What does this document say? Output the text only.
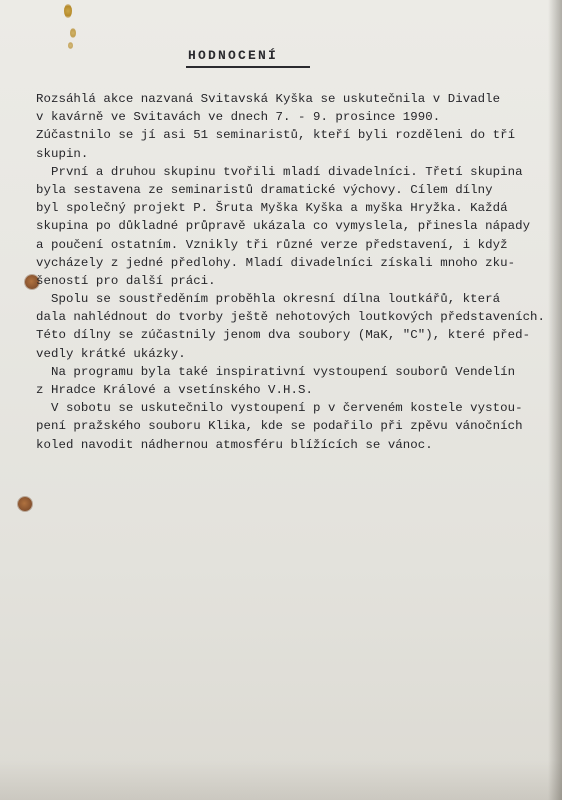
HODNOCENÍ
Rozsáhlá akce nazvaná Svitavská Kyška se uskutečnila v Divadle
v kavárně ve Svitavách ve dnech 7. - 9. prosince 1990.
Zúčastnilo se jí asi 51 seminaristů, kteří byli rozděleni do tří
skupin.
První a druhou skupinu tvořili mladí divadelníci. Třetí skupina
byla sestavena ze seminaristů dramatické výchovy. Cílem dílny
byl společný projekt P. Šruta Myška Kyška a myška Hryžka. Každá
skupina po důkladné průpravě ukázala co vymyslela, přinesla nápady
a poučení ostatním. Vznikly tři různé verze představení, i když
vycházely z jedné předlohy. Mladí divadelníci získali mnoho zku-
šeností pro další práci.
Spolu se soustředěním proběhla okresní dílna loutkářů, která
dala nahlédnout do tvorby ještě nehotových loutkových představeních.
Této dílny se zúčastnily jenom dva soubory (MaK, "C"), které před-
vedly krátké ukázky.
Na programu byla také inspirativní vystoupení souborů Vendelín
z Hradce Králové a vsetínského V.H.S.
V sobotu se uskutečnilo vystoupení p v červeném kostele vystou-
pení pražského souboru Klika, kde se podařilo při zpěvu vánočních
koled navodit nádhernou atmosféru blížících se vánoc.
